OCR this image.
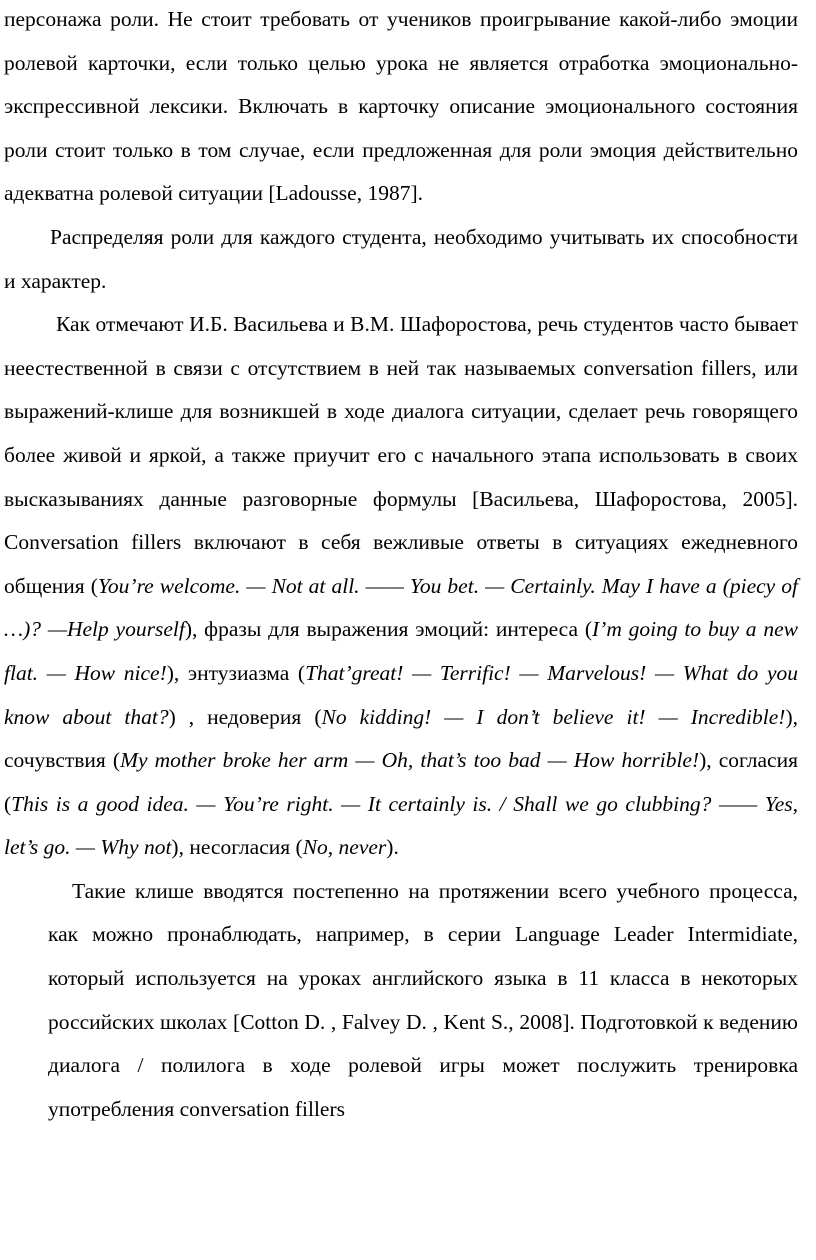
персонажа роли. Не стоит требовать от учеников проигрывание какой-либо эмоции ролевой карточки, если только целью урока не является отработка эмоционально-экспрессивной лексики. Включать в карточку описание эмоционального состояния роли стоит только в том случае, если предложенная для роли эмоция действительно адекватна ролевой ситуации [Ladousse, 1987].

Распределяя роли для каждого студента, необходимо учитывать их способности и характер.

Как отмечают И.Б. Васильева и В.М. Шафоростова, речь студентов часто бывает неестественной в связи с отсутствием в ней так называемых conversation fillers, или выражений-клише для возникшей в ходе диалога ситуации, сделает речь говорящего более живой и яркой, а также приучит его с начального этапа использовать в своих высказываниях данные разговорные формулы [Васильева, Шафоростова, 2005]. Conversation fillers включают в себя вежливые ответы в ситуациях ежедневного общения (You’re welcome. — Not at all. —— You bet. — Certainly. May I have a (piecy of …)? —Help yourself), фразы для выражения эмоций: интереса (I’m going to buy a new flat. — How nice!), энтузиазма (That’great! — Terrific! — Marvelous! — What do you know about that?) , недоверия (No kidding! — I don’t believe it! — Incredible!), сочувствия (My mother broke her arm — Oh, that’s too bad — How horrible!), согласия (This is a good idea. — You’re right. — It certainly is. / Shall we go clubbing? —— Yes, let’s go. — Why not), несогласия (No, never).

Такие клише вводятся постепенно на протяжении всего учебного процесса, как можно пронаблюдать, например, в серии Language Leader Intermidiate, который используется на уроках английского языка в 11 класса в некоторых российских школах [Cotton D. , Falvey D. , Kent S., 2008]. Подготовкой к ведению диалога / полилога в ходе ролевой игры может послужить тренировка употребления conversation fillers
